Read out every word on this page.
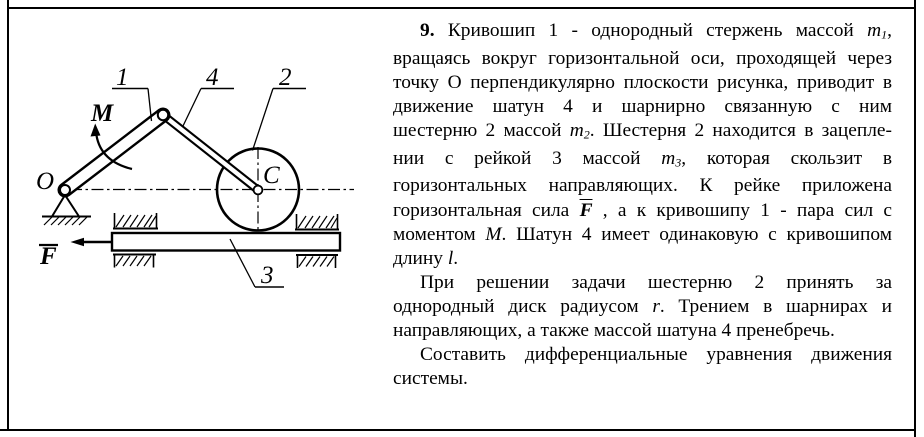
M
F
1	4 2
3
O	C
9. Кривошип 1 - однородный стержень массой m1,
вращаясь вокруг горизонтальной оси, проходящей через
точку О перпендикулярно плоскости рисунка, приводит в
движение шатун 4 и шарнирно связанную с ним
шестерню 2 массой m2. Шестерня 2 находится в зацепле-
нии с рейкой 3 массой m3, которая скользит в
горизонтальных направляющих. К рейке приложена
горизонтальная сила $\overline{F}$ , а к кривошипу 1 - пара сил с
моментом М. Шатун 4 имеет одинаковую с кривошипом
длину l.
При решении задачи шестерню 2 принять за
однородный диск радиусом r. Трением в шарнирах и
направляющих, а также массой шатуна 4 пренебречь.
Составить дифференциальные уравнения движения
системы.
